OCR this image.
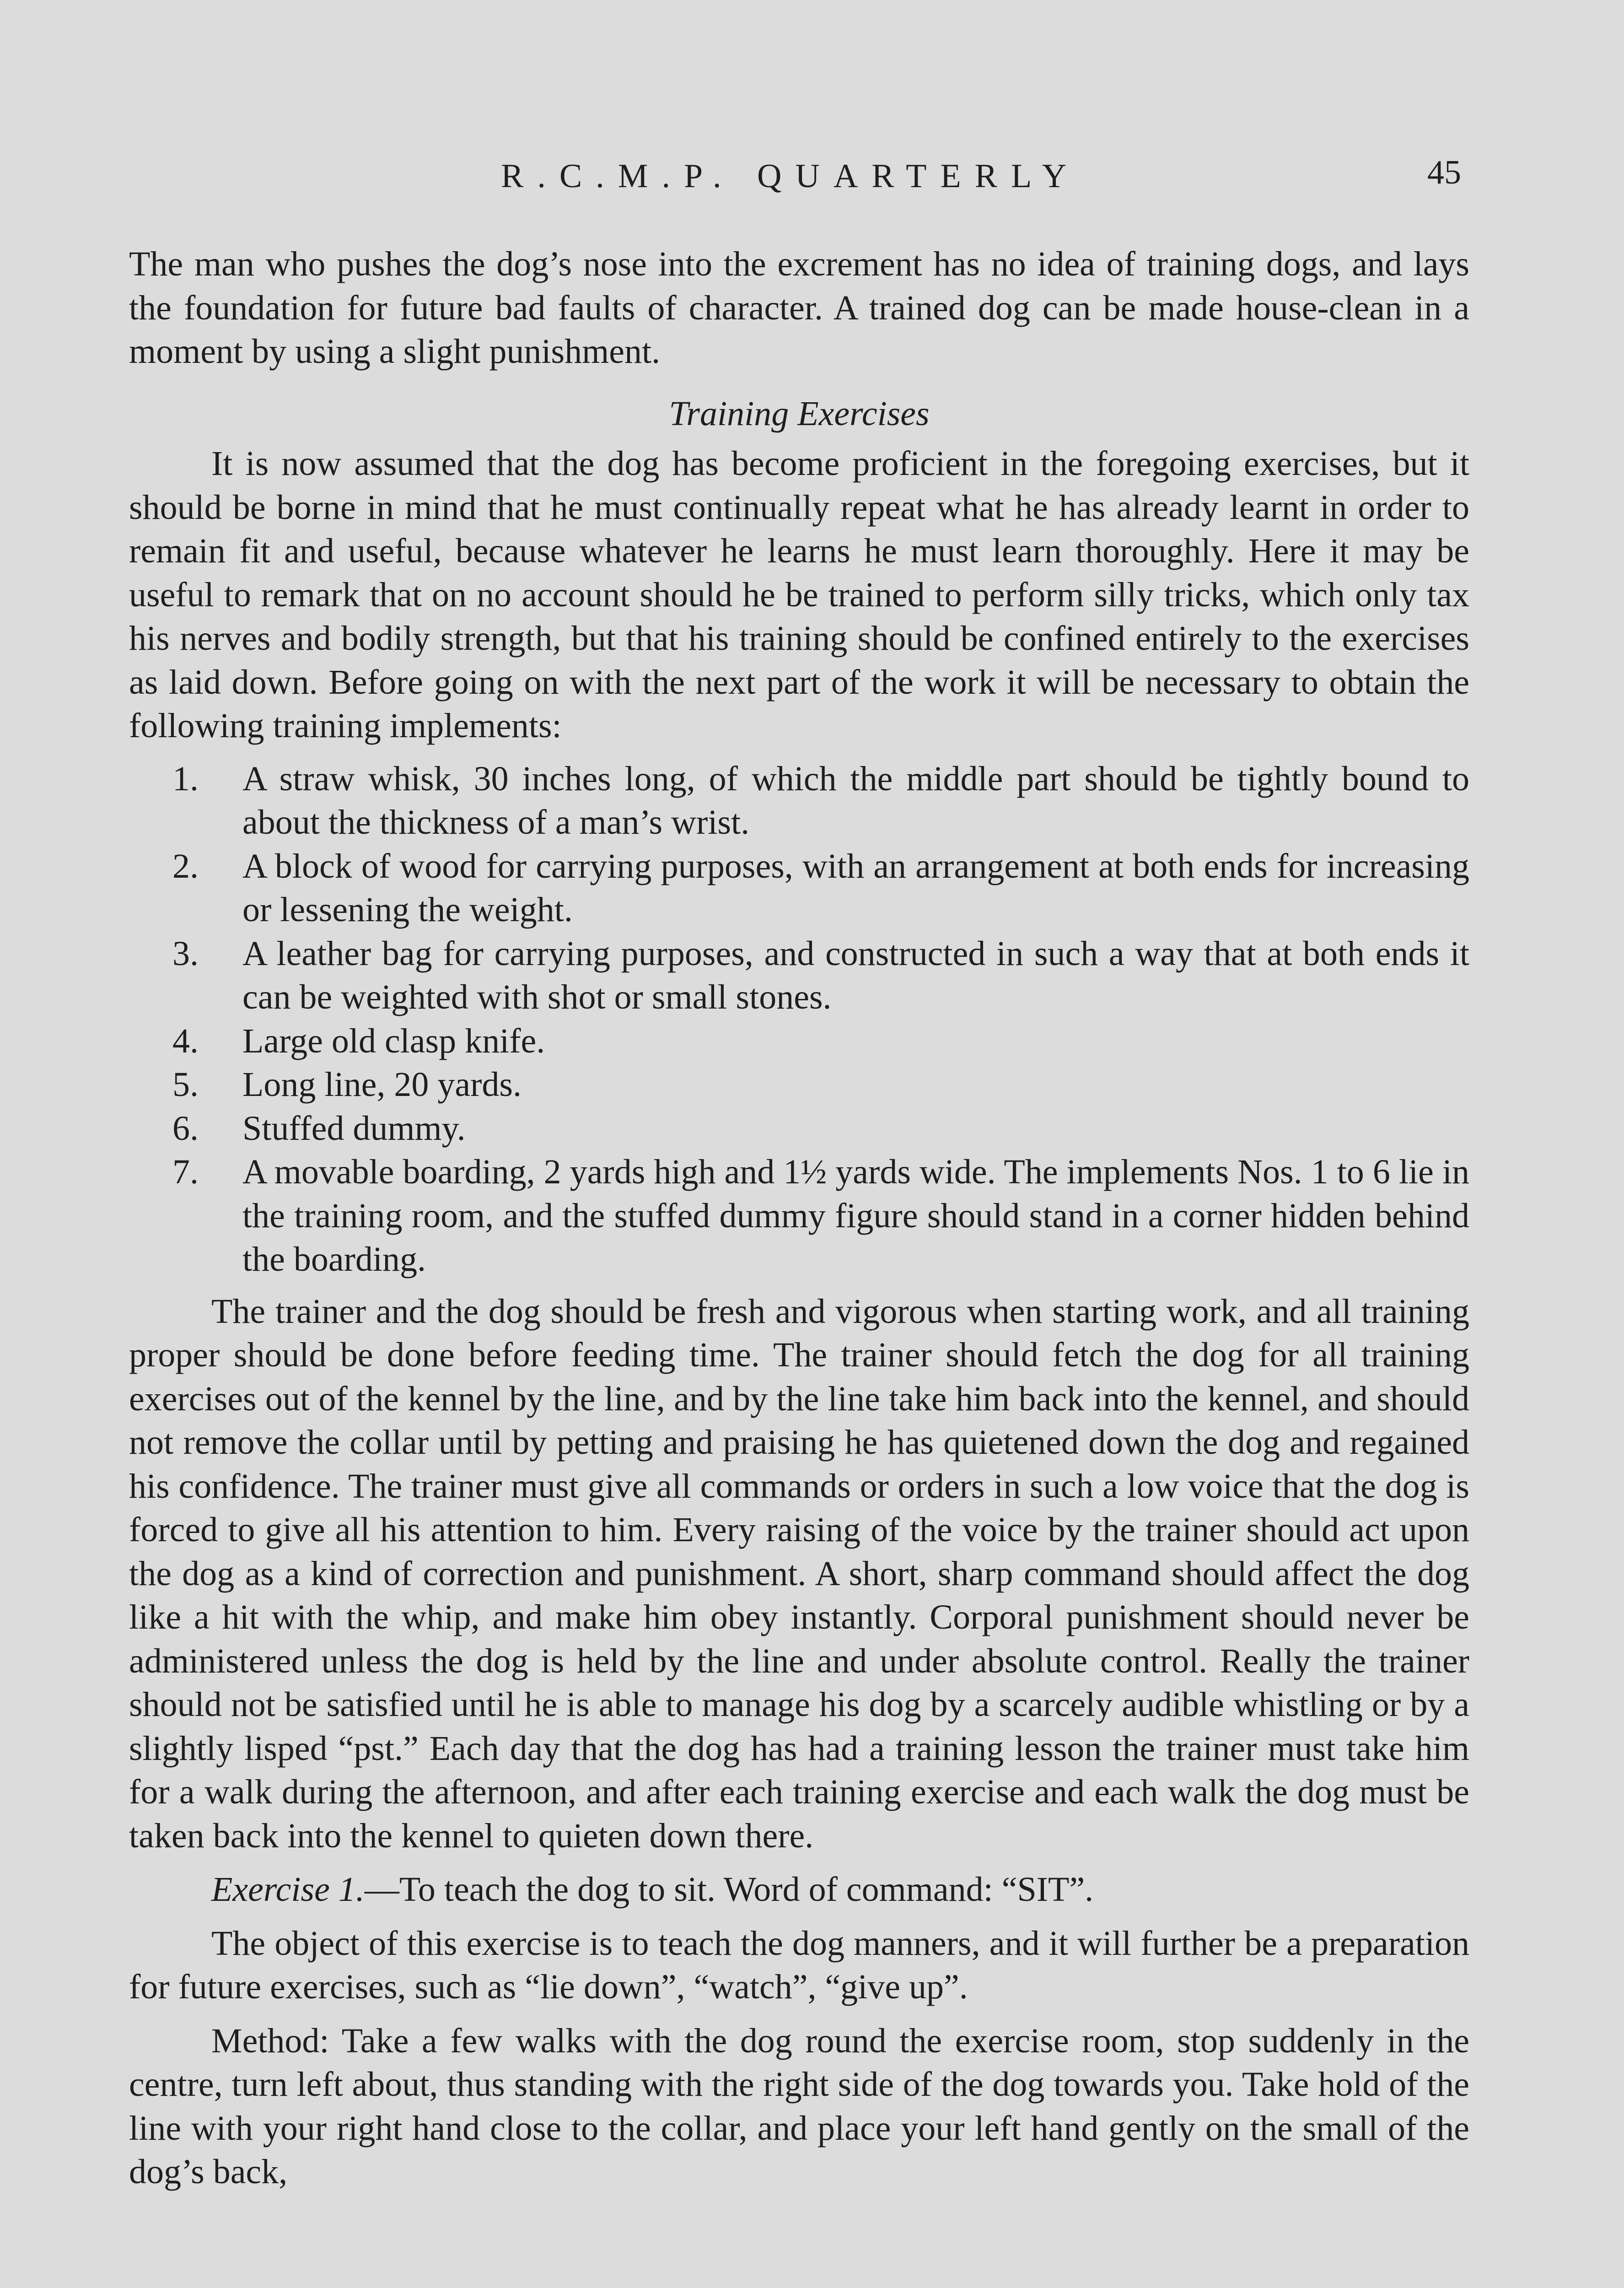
R.C.M.P. QUARTERLY	45

The man who pushes the dog’s nose into the excrement has no idea of training dogs, and lays the foundation for future bad faults of character. A trained dog can be made house-clean in a moment by using a slight punishment.

Training Exercises

It is now assumed that the dog has become proficient in the foregoing exercises, but it should be borne in mind that he must continually repeat what he has already learnt in order to remain fit and useful, because whatever he learns he must learn thoroughly. Here it may be useful to remark that on no account should he be trained to perform silly tricks, which only tax his nerves and bodily strength, but that his training should be confined entirely to the exercises as laid down. Before going on with the next part of the work it will be necessary to obtain the following training implements:

1. A straw whisk, 30 inches long, of which the middle part should be tightly bound to about the thickness of a man’s wrist.
2. A block of wood for carrying purposes, with an arrangement at both ends for increasing or lessening the weight.
3. A leather bag for carrying purposes, and constructed in such a way that at both ends it can be weighted with shot or small stones.
4. Large old clasp knife.
5. Long line, 20 yards.
6. Stuffed dummy.
7. A movable boarding, 2 yards high and 1½ yards wide. The implements Nos. 1 to 6 lie in the training room, and the stuffed dummy figure should stand in a corner hidden behind the boarding.

The trainer and the dog should be fresh and vigorous when starting work, and all training proper should be done before feeding time. The trainer should fetch the dog for all training exercises out of the kennel by the line, and by the line take him back into the kennel, and should not remove the collar until by petting and praising he has quietened down the dog and regained his confidence. The trainer must give all commands or orders in such a low voice that the dog is forced to give all his attention to him. Every raising of the voice by the trainer should act upon the dog as a kind of correction and punishment. A short, sharp command should affect the dog like a hit with the whip, and make him obey instantly. Corporal punishment should never be administered unless the dog is held by the line and under absolute control. Really the trainer should not be satisfied until he is able to manage his dog by a scarcely audible whistling or by a slightly lisped “pst.” Each day that the dog has had a training lesson the trainer must take him for a walk during the afternoon, and after each training exercise and each walk the dog must be taken back into the kennel to quieten down there.

Exercise 1.—To teach the dog to sit. Word of command: “SIT”.

The object of this exercise is to teach the dog manners, and it will further be a preparation for future exercises, such as “lie down”, “watch”, “give up”.

Method: Take a few walks with the dog round the exercise room, stop suddenly in the centre, turn left about, thus standing with the right side of the dog towards you. Take hold of the line with your right hand close to the collar, and place your left hand gently on the small of the dog’s back,
